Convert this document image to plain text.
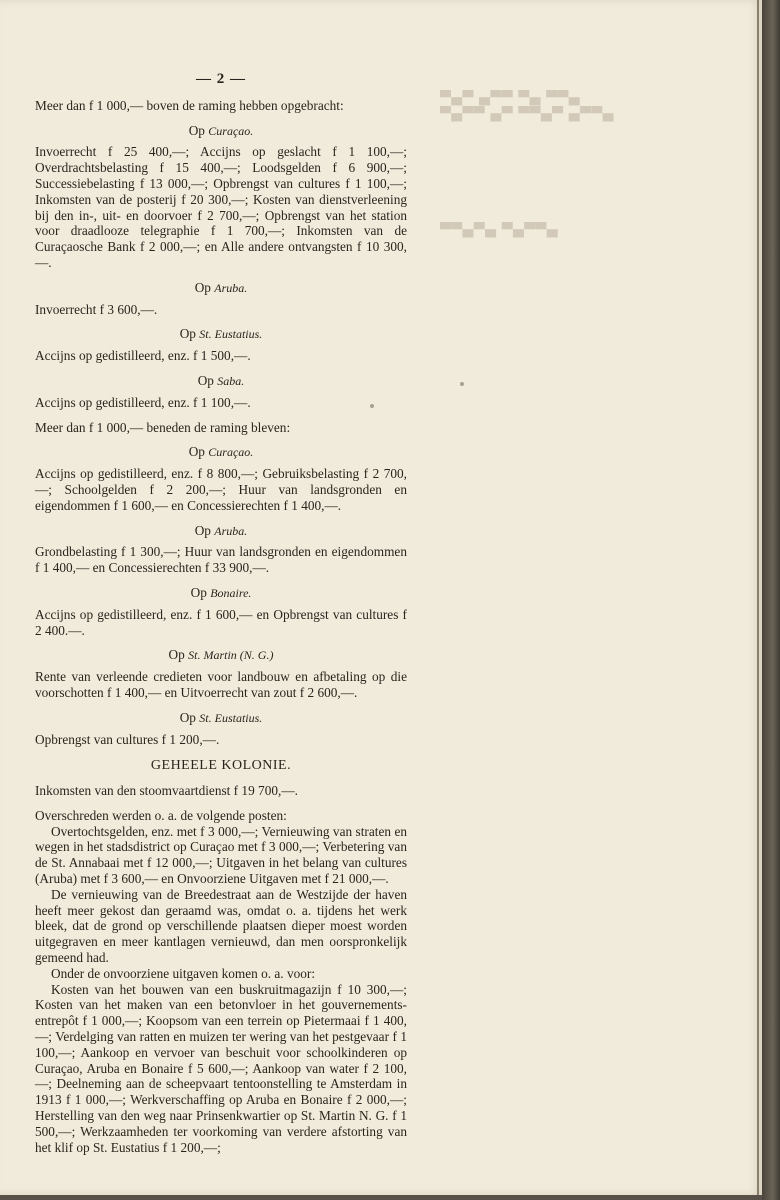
▀▄▀ ▄▀▀ ▀▄ ▀▀▄
▀▄▀▀ ▄▀ ▀▀▄▀ ▄▀▀▄
▀▀▄▀▄ ▀▄▀▀▄
— 2 —

Meer dan f 1 000,— boven de raming hebben opgebracht:

Op Curaçao.

Invoerrecht f 25 400,—; Accijns op geslacht f 1 100,—; Overdrachtsbelasting f 15 400,—; Loodsgelden f 6 900,—; Successiebelasting f 13 000,—; Opbrengst van cultures f 1 100,—; Inkomsten van de posterij f 20 300,—; Kosten van dienstverleening bij den in-, uit- en doorvoer f 2 700,—; Opbrengst van het station voor draadlooze telegraphie f 1 700,—; Inkomsten van de Curaçaosche Bank f 2 000,—; en Alle andere ontvangsten f 10 300,—.

Op Aruba.

Invoerrecht f 3 600,—.

Op St. Eustatius.

Accijns op gedistilleerd, enz. f 1 500,—.

Op Saba.

Accijns op gedistilleerd, enz. f 1 100,—.

Meer dan f 1 000,— beneden de raming bleven:

Op Curaçao.

Accijns op gedistilleerd, enz. f 8 800,—; Gebruiksbelasting f 2 700,—; Schoolgelden f 2 200,—; Huur van landsgronden en eigendommen f 1 600,— en Concessierechten f 1 400,—.

Op Aruba.

Grondbelasting f 1 300,—; Huur van landsgronden en eigendommen f 1 400,— en Concessierechten f 33 900,—.

Op Bonaire.

Accijns op gedistilleerd, enz. f 1 600,— en Opbrengst van cultures f 2 400.—.

Op St. Martin (N. G.)

Rente van verleende credieten voor landbouw en afbetaling op die voorschotten f 1 400,— en Uitvoerrecht van zout f 2 600,—.

Op St. Eustatius.

Opbrengst van cultures f 1 200,—.

GEHEELE KOLONIE.

Inkomsten van den stoomvaartdienst f 19 700,—.

Overschreden werden o. a. de volgende posten:

Overtochtsgelden, enz. met f 3 000,—; Vernieuwing van straten en wegen in het stadsdistrict op Curaçao met f 3 000,—; Verbetering van de St. Annabaai met f 12 000,—; Uitgaven in het belang van cultures (Aruba) met f 3 600,— en Onvoorziene Uitgaven met f 21 000,—.

De vernieuwing van de Breedestraat aan de Westzijde der haven heeft meer gekost dan geraamd was, omdat o. a. tijdens het werk bleek, dat de grond op verschillende plaatsen dieper moest worden uitgegraven en meer kantlagen vernieuwd, dan men oorspronkelijk gemeend had.

Onder de onvoorziene uitgaven komen o. a. voor:

Kosten van het bouwen van een buskruitmagazijn f 10 300,—; Kosten van het maken van een betonvloer in het gouvernements-entrepôt f 1 000,—; Koopsom van een terrein op Pietermaai f 1 400,—; Verdelging van ratten en muizen ter wering van het pestgevaar f 1 100,—; Aankoop en vervoer van beschuit voor schoolkinderen op Curaçao, Aruba en Bonaire f 5 600,—; Aankoop van water f 2 100,—; Deelneming aan de scheepvaart tentoonstelling te Amsterdam in 1913 f 1 000,—; Werkverschaffing op Aruba en Bonaire f 2 000,—; Herstelling van den weg naar Prinsenkwartier op St. Martin N. G. f 1 500,—; Werkzaamheden ter voorkoming van verdere afstorting van het klif op St. Eustatius f 1 200,—;
